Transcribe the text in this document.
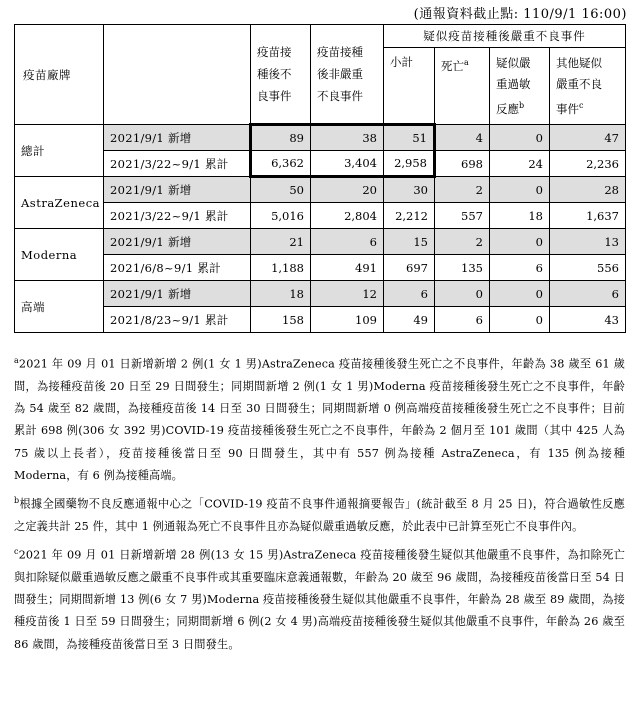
(通報資料截止點: 110/9/1 16:00)
疫苗廠牌		疫苗接
種後不
良事件	疫苗接種
後非嚴重
不良事件	疑似疫苗接種後嚴重不良事件			
				小計	死亡$^a$	疑似嚴
重過敏
反應$^b$	其他疑似
嚴重不良
事件$^c$
總計	2021/9/1 新增	89	38	51	4	0	47
	2021/3/22~9/1 累計	6,362	3,404	2,958	698	24	2,236
AstraZeneca	2021/9/1 新增	50	20	30	2	0	28
	2021/3/22~9/1 累計	5,016	2,804	2,212	557	18	1,637
Moderna	2021/9/1 新增	21	6	15	2	0	13
	2021/6/8~9/1 累計	1,188	491	697	135	6	556
高端	2021/9/1 新增	18	12	6	0	0	6
	2021/8/23~9/1 累計	158	109	49	6	0	43

$^a$2021 年 09 月 01 日新增新增 2 例(1 女 1 男)AstraZeneca 疫苗接種後發生死亡之不良事件，年齡為 38 歲至 61 歲間，為接種疫苗後 20 日至 29 日間發生；同期間新增 2 例(1 女 1 男)Moderna 疫苗接種後發生死亡之不良事件，年齡為 54 歲至 82 歲間，為接種疫苗後 14 日至 30 日間發生；同期間新增 0 例高端疫苗接種後發生死亡之不良事件；目前累計 698 例(306 女 392 男)COVID-19 疫苗接種後發生死亡之不良事件，年齡為 2 個月至 101 歲間（其中 425 人為 75 歲以上長者），疫苗接種後當日至 90 日間發生，其中有 557 例為接種 AstraZeneca，有 135 例為接種 Moderna，有 6 例為接種高端。

$^b$根據全國藥物不良反應通報中心之「COVID-19 疫苗不良事件通報摘要報告」(統計截至 8 月 25 日)，符合過敏性反應之定義共計 25 件，其中 1 例通報為死亡不良事件且亦為疑似嚴重過敏反應，於此表中已計算至死亡不良事件內。

$^c$2021 年 09 月 01 日新增新增 28 例(13 女 15 男)AstraZeneca 疫苗接種後發生疑似其他嚴重不良事件，為扣除死亡與扣除疑似嚴重過敏反應之嚴重不良事件或其重要臨床意義通報數，年齡為 20 歲至 96 歲間，為接種疫苗後當日至 54 日間發生；同期間新增 13 例(6 女 7 男)Moderna 疫苗接種後發生疑似其他嚴重不良事件，年齡為 28 歲至 89 歲間，為接種疫苗後 1 日至 59 日間發生；同期間新增 6 例(2 女 4 男)高端疫苗接種後發生疑似其他嚴重不良事件，年齡為 26 歲至 86 歲間，為接種疫苗後當日至 3 日間發生。
